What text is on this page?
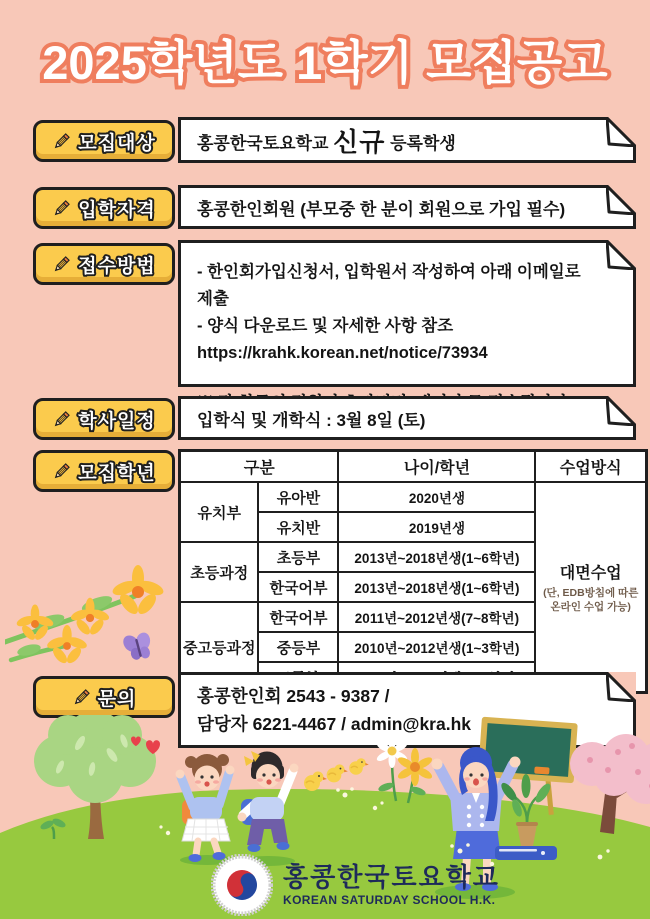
2025학년도 1학기 모집공고
모집대상 홍콩한국토요학교 신규 등록학생
입학자격 홍콩한인회원 (부모중 한 분이 회원으로 가입 필수)
접수방법	- 한인회가입신청서, 입학원서 작성하여 아래 이메일로 제출
- 양식 다운로드 및 자세한 사항 참조
https://krahk.korean.net/notice/73934
학사일정 입학식 및 개학식 : 3월 8일 (토)
모집학년	구분		나이/학년	수업방식
유치부	유아반	2020년생	대면수업
(단, EDB방침에 따른 온라인 수업 가능)

	유치반	2019년생	
초등과정	초등부	2013년~2018년생(1~6학년)	
	한국어부	2013년~2018년생(1~6학년)	
중고등과정	한국어부	2011년~2012년생(7~8학년)	
	중등부	2010년~2012년생(1~3학년)	

문의	홍콩한인회 2543 - 9387 /
담당자 6221-4467 / admin@kra.hk
홍콩한국토요학교
KOREAN SATURDAY SCHOOL H.K.
